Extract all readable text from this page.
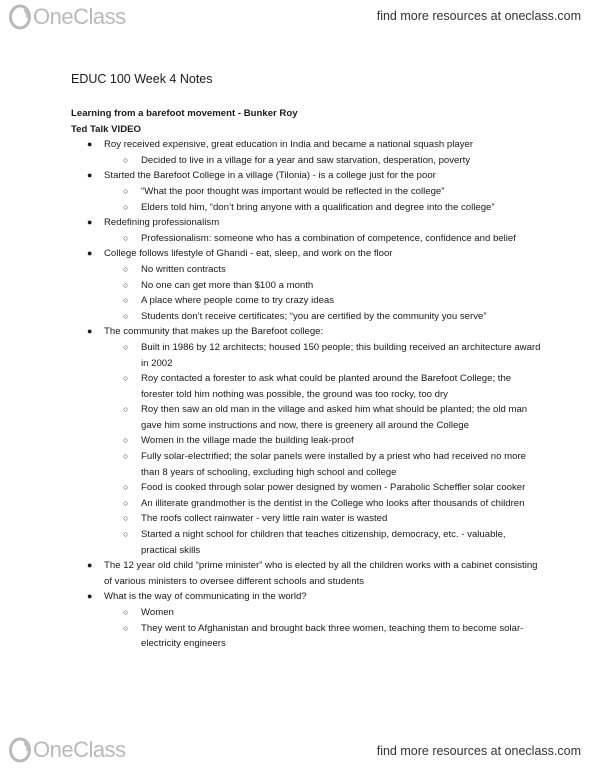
OneClass	find more resources at oneclass.com
EDUC 100 Week 4 Notes
Learning from a barefoot movement - Bunker Roy
Ted Talk VIDEO
● Roy received expensive, great education in India and became a national squash player
○ Decided to live in a village for a year and saw starvation, desperation, poverty
● Started the Barefoot College in a village (Tilonia) - is a college just for the poor
○ “What the poor thought was important would be reflected in the college”
○ Elders told him, “don’t bring anyone with a qualification and degree into the college”
● Redefining professionalism
○ Professionalism: someone who has a combination of competence, confidence and belief
● College follows lifestyle of Ghandi - eat, sleep, and work on the floor
○ No written contracts
○ No one can get more than $100 a month
○ A place where people come to try crazy ideas
○ Students don’t receive certificates; “you are certified by the community you serve”
● The community that makes up the Barefoot college:
○ Built in 1986 by 12 architects; housed 150 people; this building received an architecture award in 2002
○ Roy contacted a forester to ask what could be planted around the Barefoot College; the forester told him nothing was possible, the ground was too rocky, too dry
○ Roy then saw an old man in the village and asked him what should be planted; the old man gave him some instructions and now, there is greenery all around the College
○ Women in the village made the building leak-proof
○ Fully solar-electrified; the solar panels were installed by a priest who had received no more than 8 years of schooling, excluding high school and college
○ Food is cooked through solar power designed by women - Parabolic Scheffler solar cooker
○ An illiterate grandmother is the dentist in the College who looks after thousands of children
○ The roofs collect rainwater - very little rain water is wasted
○ Started a night school for children that teaches citizenship, democracy, etc. - valuable, practical skills
● The 12 year old child “prime minister” who is elected by all the children works with a cabinet consisting of various ministers to oversee different schools and students
● What is the way of communicating in the world?
○ Women
○ They went to Afghanistan and brought back three women, teaching them to become solar-electricity engineers
OneClass	find more resources at oneclass.com
